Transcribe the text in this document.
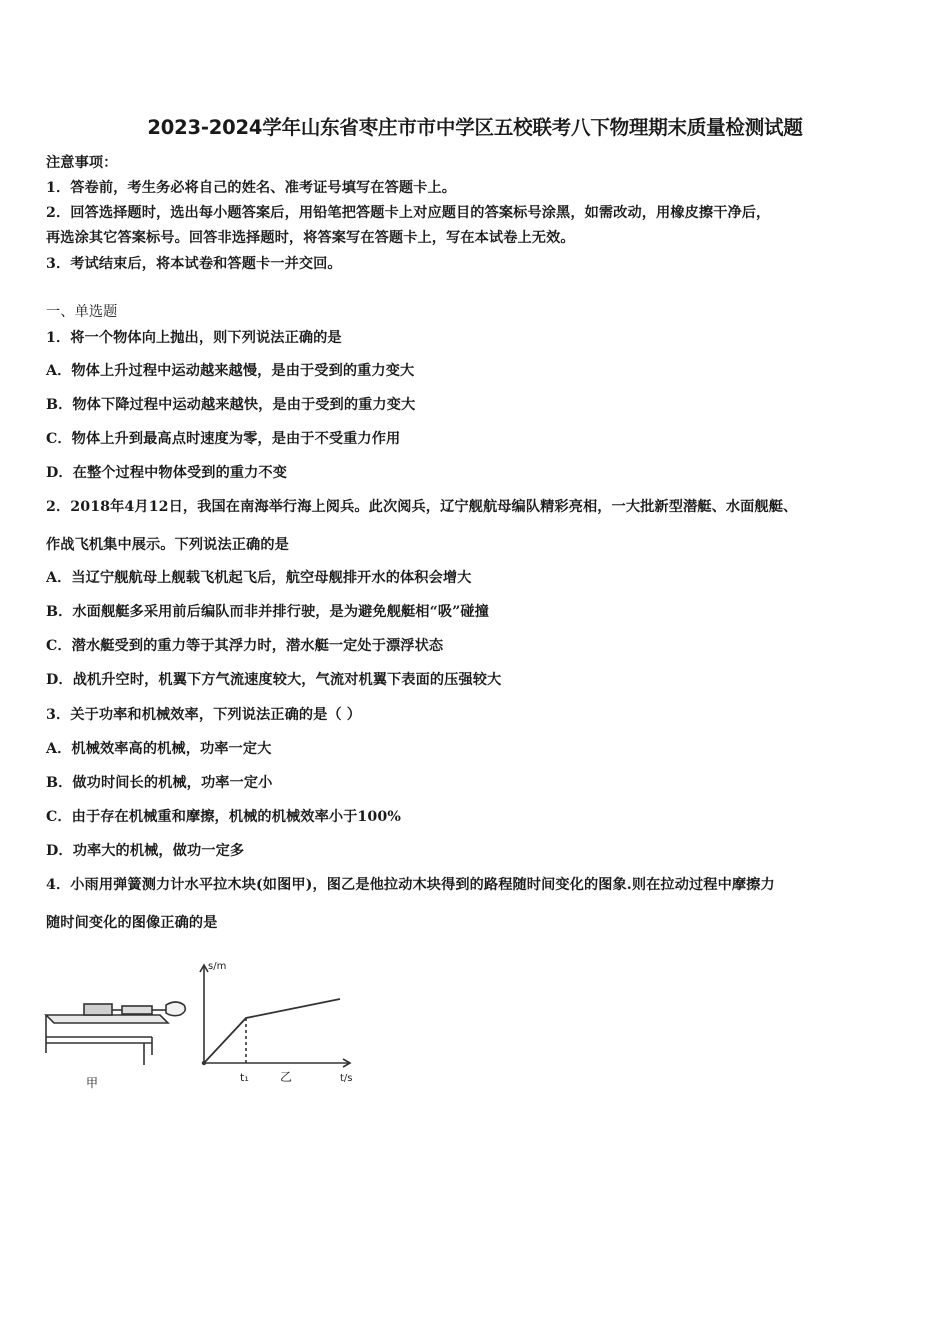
2023-2024学年山东省枣庄市市中学区五校联考八下物理期末质量检测试题
注意事项：
1．答卷前，考生务必将自己的姓名、准考证号填写在答题卡上。
2．回答选择题时，选出每小题答案后，用铅笔把答题卡上对应题目的答案标号涂黑，如需改动，用橡皮擦干净后，
再选涂其它答案标号。回答非选择题时，将答案写在答题卡上，写在本试卷上无效。
3．考试结束后，将本试卷和答题卡一并交回。
一、单选题
1．将一个物体向上抛出，则下列说法正确的是
A．物体上升过程中运动越来越慢，是由于受到的重力变大
B．物体下降过程中运动越来越快，是由于受到的重力变大
C．物体上升到最高点时速度为零，是由于不受重力作用
D．在整个过程中物体受到的重力不变
2．2018年4月12日，我国在南海举行海上阅兵。此次阅兵，辽宁舰航母编队精彩亮相，一大批新型潜艇、水面舰艇、
作战飞机集中展示。下列说法正确的是
A．当辽宁舰航母上舰载飞机起飞后，航空母舰排开水的体积会增大
B．水面舰艇多采用前后编队而非并排行驶，是为避免舰艇相“吸”碰撞
C．潜水艇受到的重力等于其浮力时，潜水艇一定处于漂浮状态
D．战机升空时，机翼下方气流速度较大，气流对机翼下表面的压强较大
3．关于功率和机械效率，下列说法正确的是（ ）
A．机械效率高的机械，功率一定大
B．做功时间长的机械，功率一定小
C．由于存在机械重和摩擦，机械的机械效率小于100%
D．功率大的机械，做功一定多
4．小雨用弹簧测力计水平拉木块(如图甲)，图乙是他拉动木块得到的路程随时间变化的图象.则在拉动过程中摩擦力
随时间变化的图像正确的是
甲
s/m
t/s
t₁	乙
